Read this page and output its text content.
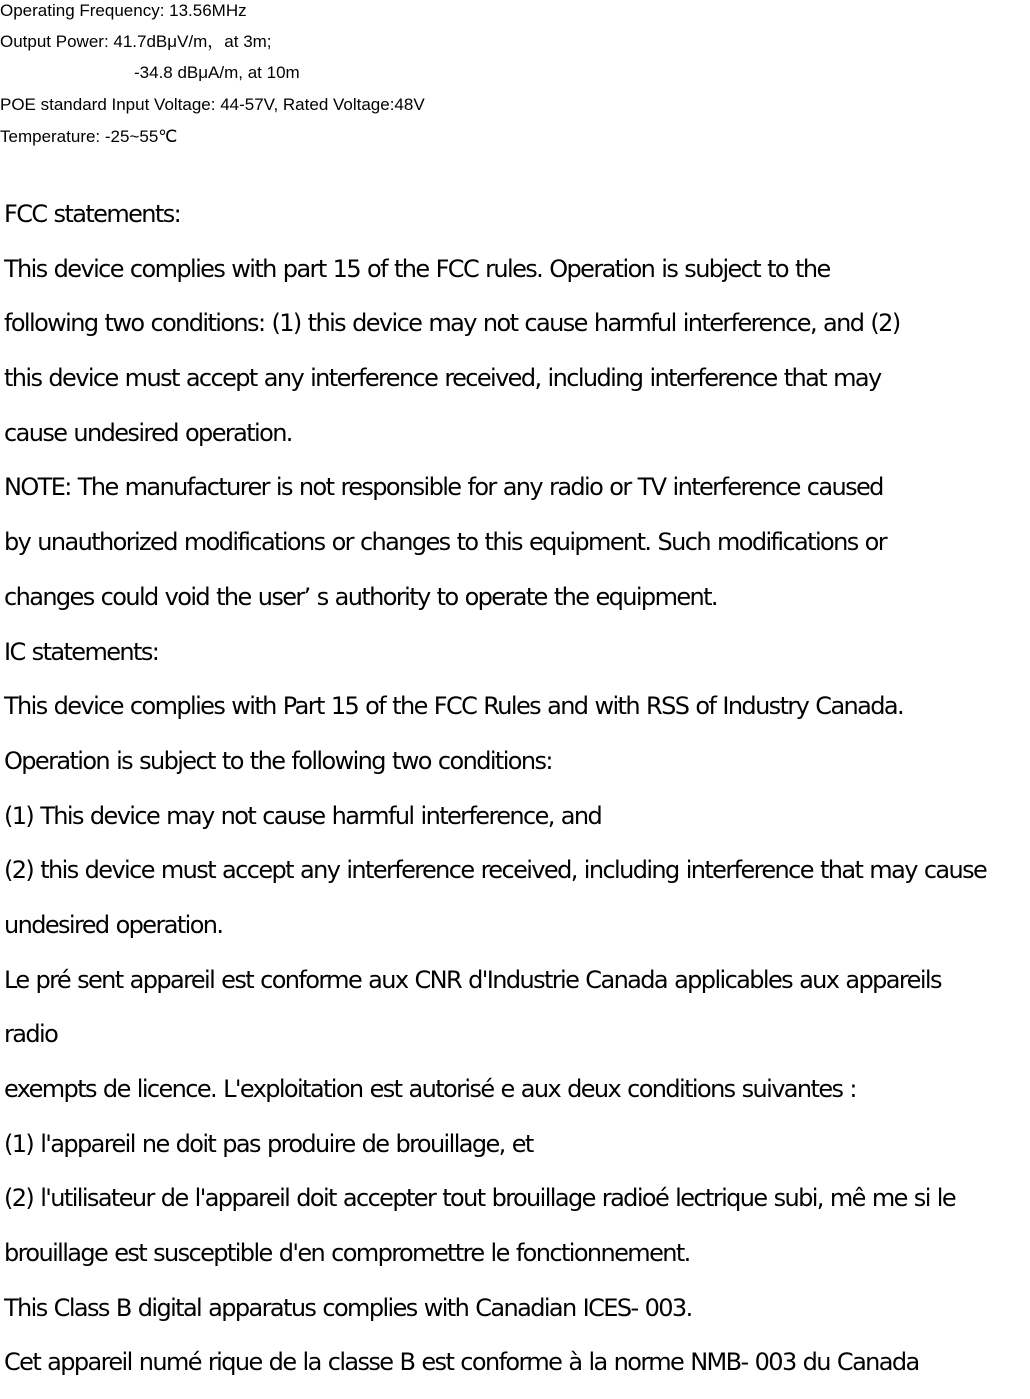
Operating Frequency: 13.56MHz
Output Power: 41.7dBμV/m，at 3m;
-34.8 dBμA/m, at 10m
POE standard Input Voltage: 44-57V, Rated Voltage:48V
Temperature: -25~55℃
FCC statements:
This device complies with part 15 of the FCC rules. Operation is subject to the
following two conditions: (1) this device may not cause harmful interference, and (2)
this device must accept any interference received, including interference that may
cause undesired operation.
NOTE: The manufacturer is not responsible for any radio or TV interference caused
by unauthorized modifications or changes to this equipment. Such modifications or
changes could void the user’ s authority to operate the equipment.
IC statements:
This device complies with Part 15 of the FCC Rules and with RSS of Industry Canada.
Operation is subject to the following two conditions:
(1) This device may not cause harmful interference, and
(2) this device must accept any interference received, including interference that may cause
undesired operation.
Le pré sent appareil est conforme aux CNR d'Industrie Canada applicables aux appareils
radio
exempts de licence. L'exploitation est autorisé e aux deux conditions suivantes :
(1) l'appareil ne doit pas produire de brouillage, et
(2) l'utilisateur de l'appareil doit accepter tout brouillage radioé lectrique subi, mê me si le
brouillage est susceptible d'en compromettre le fonctionnement.
This Class B digital apparatus complies with Canadian ICES- 003.
Cet appareil numé rique de la classe B est conforme à la norme NMB- 003 du Canada
